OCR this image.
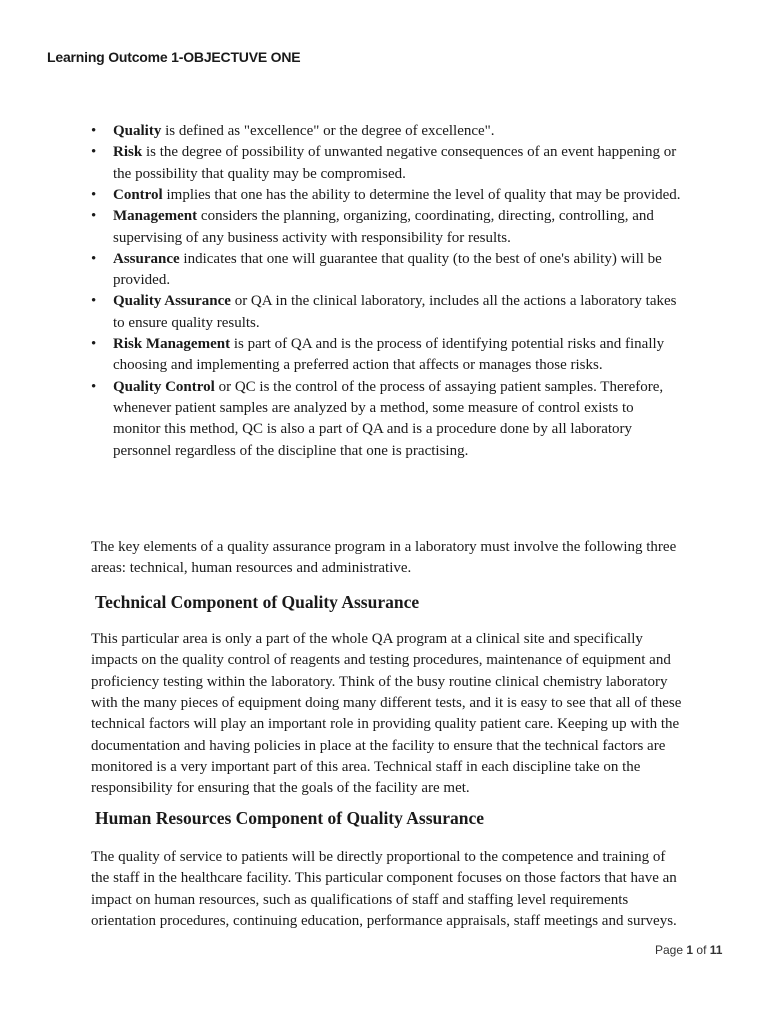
Learning Outcome 1-OBJECTUVE ONE
• Quality is defined as "excellence" or the degree of excellence".
• Risk is the degree of possibility of unwanted negative consequences of an event happening or
the possibility that quality may be compromised.
• Control implies that one has the ability to determine the level of quality that may be provided.
• Management considers the planning, organizing, coordinating, directing, controlling, and
supervising of any business activity with responsibility for results.
• Assurance indicates that one will guarantee that quality (to the best of one's ability) will be
provided.
• Quality Assurance or QA in the clinical laboratory, includes all the actions a laboratory takes
to ensure quality results.
• Risk Management is part of QA and is the process of identifying potential risks and finally
choosing and implementing a preferred action that affects or manages those risks.
• Quality Control or QC is the control of the process of assaying patient samples. Therefore,
whenever patient samples are analyzed by a method, some measure of control exists to
monitor this method, QC is also a part of QA and is a procedure done by all laboratory
personnel regardless of the discipline that one is practising.
The key elements of a quality assurance program in a laboratory must involve the following three
areas: technical, human resources and administrative.
Technical Component of Quality Assurance
This particular area is only a part of the whole QA program at a clinical site and specifically
impacts on the quality control of reagents and testing procedures, maintenance of equipment and
proficiency testing within the laboratory. Think of the busy routine clinical chemistry laboratory
with the many pieces of equipment doing many different tests, and it is easy to see that all of these
technical factors will play an important role in providing quality patient care. Keeping up with the
documentation and having policies in place at the facility to ensure that the technical factors are
monitored is a very important part of this area. Technical staff in each discipline take on the
responsibility for ensuring that the goals of the facility are met.
Human Resources Component of Quality Assurance
The quality of service to patients will be directly proportional to the competence and training of
the staff in the healthcare facility. This particular component focuses on those factors that have an
impact on human resources, such as qualifications of staff and staffing level requirements
orientation procedures, continuing education, performance appraisals, staff meetings and surveys.
Page 1 of 11
